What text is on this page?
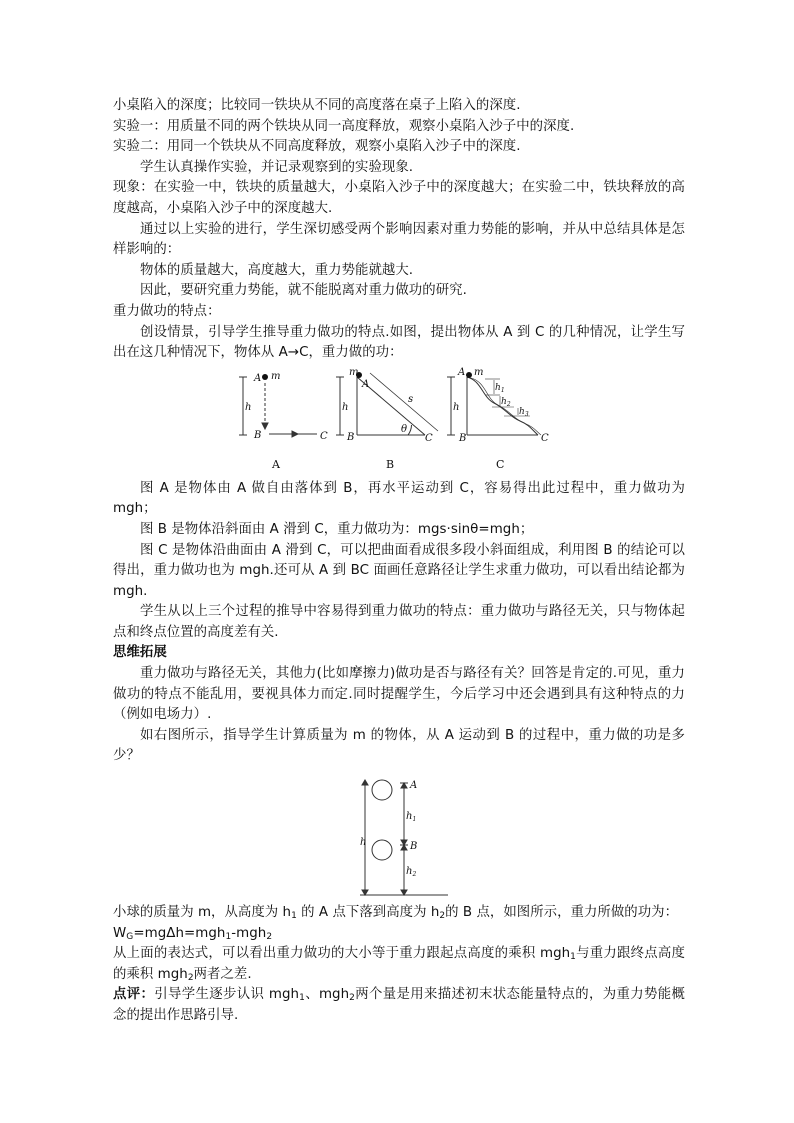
小桌陷入的深度；比较同一铁块从不同的高度落在桌子上陷入的深度.

实验一：用质量不同的两个铁块从同一高度释放，观察小桌陷入沙子中的深度.

实验二：用同一个铁块从不同高度释放，观察小桌陷入沙子中的深度.

学生认真操作实验，并记录观察到的实验现象.

现象：在实验一中，铁块的质量越大，小桌陷入沙子中的深度越大；在实验二中，铁块释放的高度越高，小桌陷入沙子中的深度越大.

通过以上实验的进行，学生深切感受两个影响因素对重力势能的影响，并从中总结具体是怎样影响的：

物体的质量越大，高度越大，重力势能就越大.

因此，要研究重力势能，就不能脱离对重力做功的研究.

重力做功的特点：

创设情景，引导学生推导重力做功的特点.如图，提出物体从 A 到 C 的几种情况，让学生写出在这几种情况下，物体从 A→C，重力做的功：

A m
h
B	C
m
A
h
B
s
θ
C
A m
h
B	C
$h_1$
$h_2$
$h_3$
A	B	C

图 A 是物体由 A 做自由落体到 B，再水平运动到 C，容易得出此过程中，重力做功为 mgh；

图 B 是物体沿斜面由 A 滑到 C，重力做功为：mgs·sinθ=mgh；

图 C 是物体沿曲面由 A 滑到 C，可以把曲面看成很多段小斜面组成，利用图 B 的结论可以得出，重力做功也为 mgh.还可从 A 到 BC 面画任意路径让学生求重力做功，可以看出结论都为 mgh.

学生从以上三个过程的推导中容易得到重力做功的特点：重力做功与路径无关，只与物体起点和终点位置的高度差有关.

思维拓展

重力做功与路径无关，其他力(比如摩擦力)做功是否与路径有关？回答是肯定的.可见，重力做功的特点不能乱用，要视具体力而定.同时提醒学生，今后学习中还会遇到具有这种特点的力（例如电场力）.

如右图所示，指导学生计算质量为 m 的物体，从 A 运动到 B 的过程中，重力做的功是多少？

h
A
B
$h_1$
$h_2$

小球的质量为 m，从高度为 $h_1$ 的 A 点下落到高度为 $h_2$的 B 点，如图所示，重力所做的功为：

$W_G=mg\Delta h=mgh_1-mgh_2$

从上面的表达式，可以看出重力做功的大小等于重力跟起点高度的乘积 mgh$_1$与重力跟终点高度的乘积 mgh$_2$两者之差.

点评：引导学生逐步认识 mgh$_1$、mgh$_2$两个量是用来描述初末状态能量特点的，为重力势能概念的提出作思路引导.
